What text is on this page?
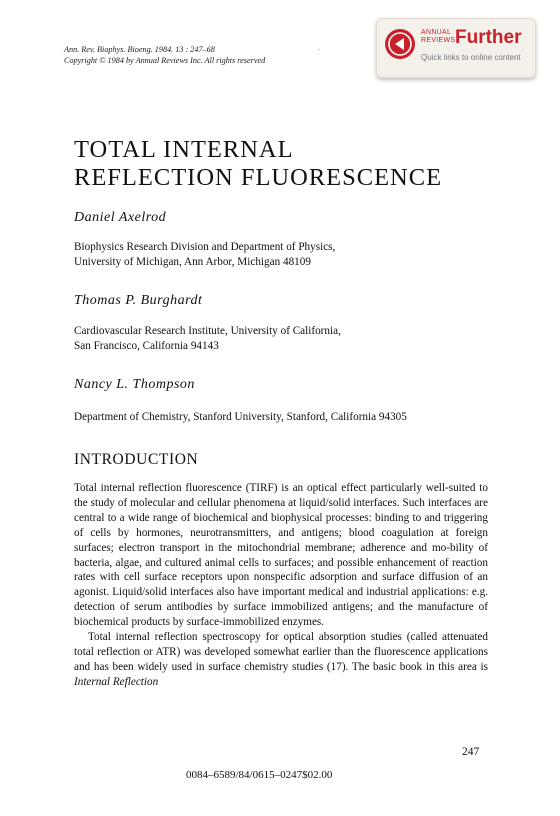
Ann. Rev. Biophys. Bioeng. 1984. 13 : 247–68
Copyright © 1984 by Annual Reviews Inc. All rights reserved
·
ANNUAL
REVIEWS Further
Quick links to online content
TOTAL INTERNAL
REFLECTION FLUORESCENCE
Daniel Axelrod
Biophysics Research Division and Department of Physics,
University of Michigan, Ann Arbor, Michigan 48109
Thomas P. Burghardt
Cardiovascular Research Institute, University of California,
San Francisco, California 94143
Nancy L. Thompson
Department of Chemistry, Stanford University, Stanford, California 94305
INTRODUCTION

Total internal reflection fluorescence (TIRF) is an optical effect particularly well-suited to the study of molecular and cellular phenomena at liquid/solid interfaces. Such interfaces are central to a wide range of biochemical and biophysical processes: binding to and triggering of cells by hormones, neurotransmitters, and antigens; blood coagulation at foreign surfaces; electron transport in the mitochondrial membrane; adherence and mo-bility of bacteria, algae, and cultured animal cells to surfaces; and possible enhancement of reaction rates with cell surface receptors upon nonspecific adsorption and surface diffusion of an agonist. Liquid/solid interfaces also have important medical and industrial applications: e.g. detection of serum antibodies by surface immobilized antigens; and the manufacture of biochemical products by surface-immobilized enzymes.

Total internal reflection spectroscopy for optical absorption studies (called attenuated total reflection or ATR) was developed somewhat earlier than the fluorescence applications and has been widely used in surface chemistry studies (17). The basic book in this area is Internal Reflection

247
0084–6589/84/0615–0247$02.00
